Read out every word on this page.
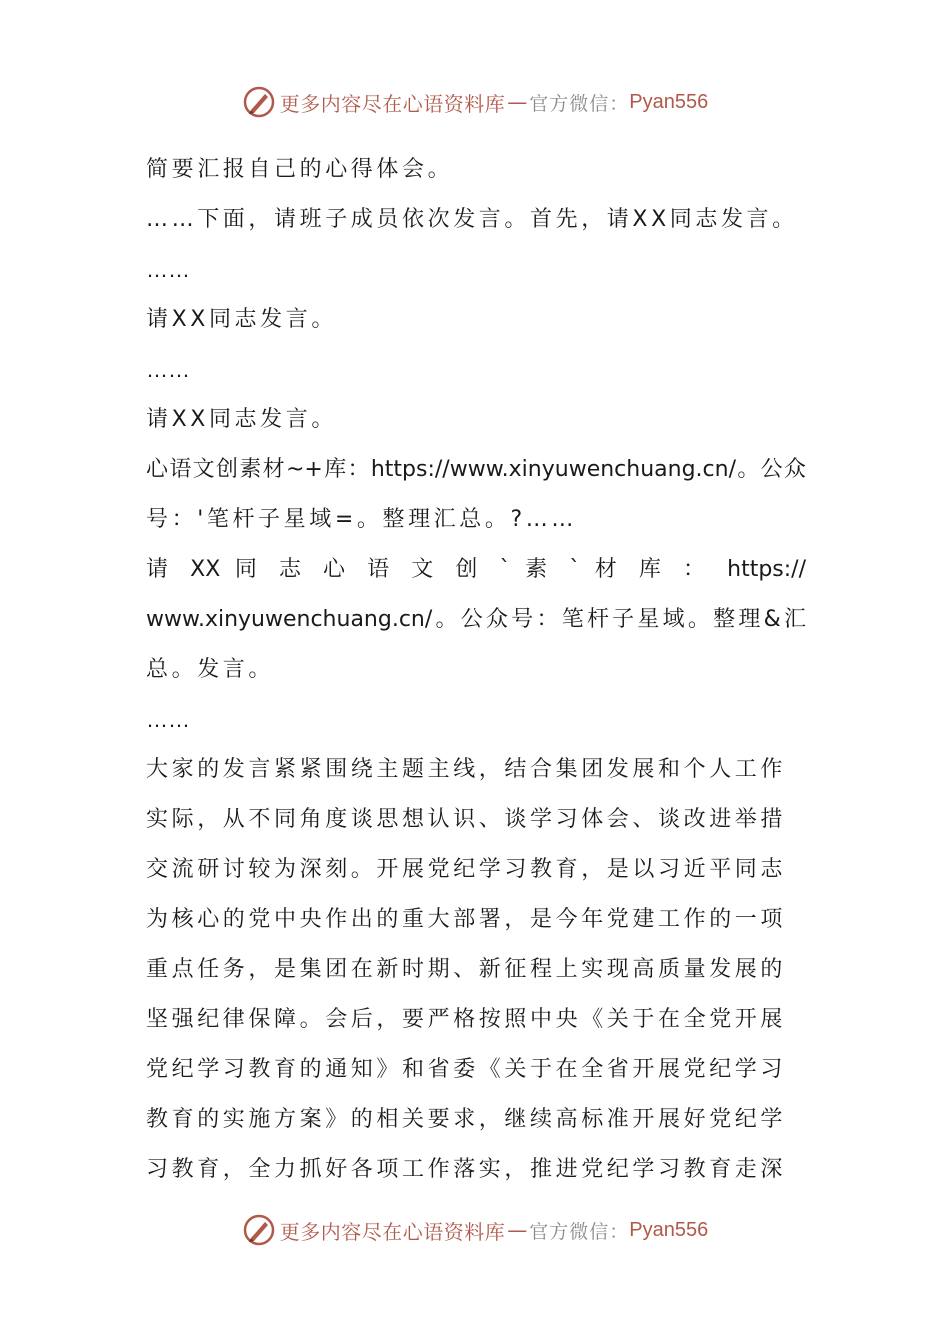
更多内容尽在心语资料库 — 官方微信： Pyan556
简要汇报自己的心得体会。
……下面，请班子成员依次发言。首先，请XX同志发言。
……
请XX同志发言。
……
请XX同志发言。
心语文创素材~+库：https://www.xinyuwenchuang.cn/。公众
号：'笔杆子星域=。整理汇总。?……
请 XX 同 志 心 语 文 创 ` 素 ` 材 库 ： https://
www.xinyuwenchuang.cn/。公众号：笔杆子星域。整理&汇
总。发言。
……
大家的发言紧紧围绕主题主线，结合集团发展和个人工作
实际，从不同角度谈思想认识、谈学习体会、谈改进举措
交流研讨较为深刻。开展党纪学习教育，是以习近平同志
为核心的党中央作出的重大部署，是今年党建工作的一项
重点任务，是集团在新时期、新征程上实现高质量发展的
坚强纪律保障。会后，要严格按照中央《关于在全党开展
党纪学习教育的通知》和省委《关于在全省开展党纪学习
教育的实施方案》的相关要求，继续高标准开展好党纪学
习教育，全力抓好各项工作落实，推进党纪学习教育走深
更多内容尽在心语资料库 — 官方微信： Pyan556
